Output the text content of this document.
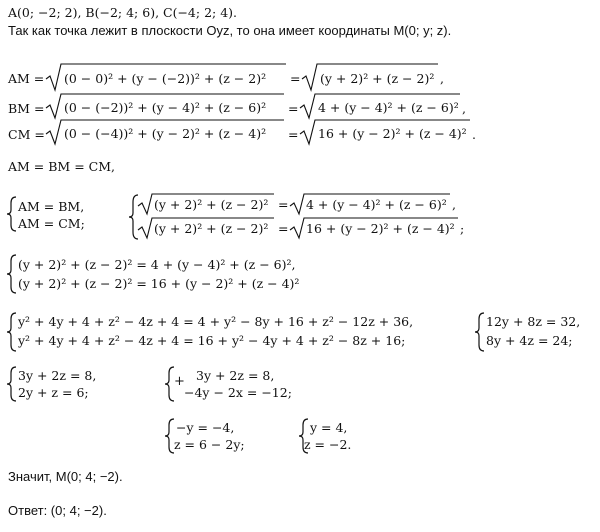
A(0; −2; 2), B(−2; 4; 6), C(−4; 2; 4).
Так как точка лежит в плоскости Oyz, то она имеет координаты M(0; y; z).
AM = (0 − 0)² + (y − (−2))² + (z − 2)² = (y + 2)² + (z − 2)² ,
BM = (0 − (−2))² + (y − 4)² + (z − 6)² = 4 + (y − 4)² + (z − 6)² ,
CM = (0 − (−4))² + (y − 2)² + (z − 4)² = 16 + (y − 2)² + (z − 4)² .
AM = BM = CM,
AM = BM,
AM = CM;
(y + 2)² + (z − 2)² = 4 + (y − 4)² + (z − 6)² ,
(y + 2)² + (z − 2)² = 16 + (y − 2)² + (z − 4)² ;
(y + 2)² + (z − 2)² = 4 + (y − 4)² + (z − 6)²,
(y + 2)² + (z − 2)² = 16 + (y − 2)² + (z − 4)²
y² + 4y + 4 + z² − 4z + 4 = 4 + y² − 8y + 16 + z² − 12z + 36,
y² + 4y + 4 + z² − 4z + 4 = 16 + y² − 4y + 4 + z² − 8z + 16;
12y + 8z = 32,
8y + 4z = 24;
3y + 2z = 8,
2y + z = 6;
+ 3y + 2z = 8,
−4y − 2x = −12;
−y = −4,
z = 6 − 2y;
y = 4,
z = −2.
Значит, M(0; 4; −2).
Ответ: (0; 4; −2).
